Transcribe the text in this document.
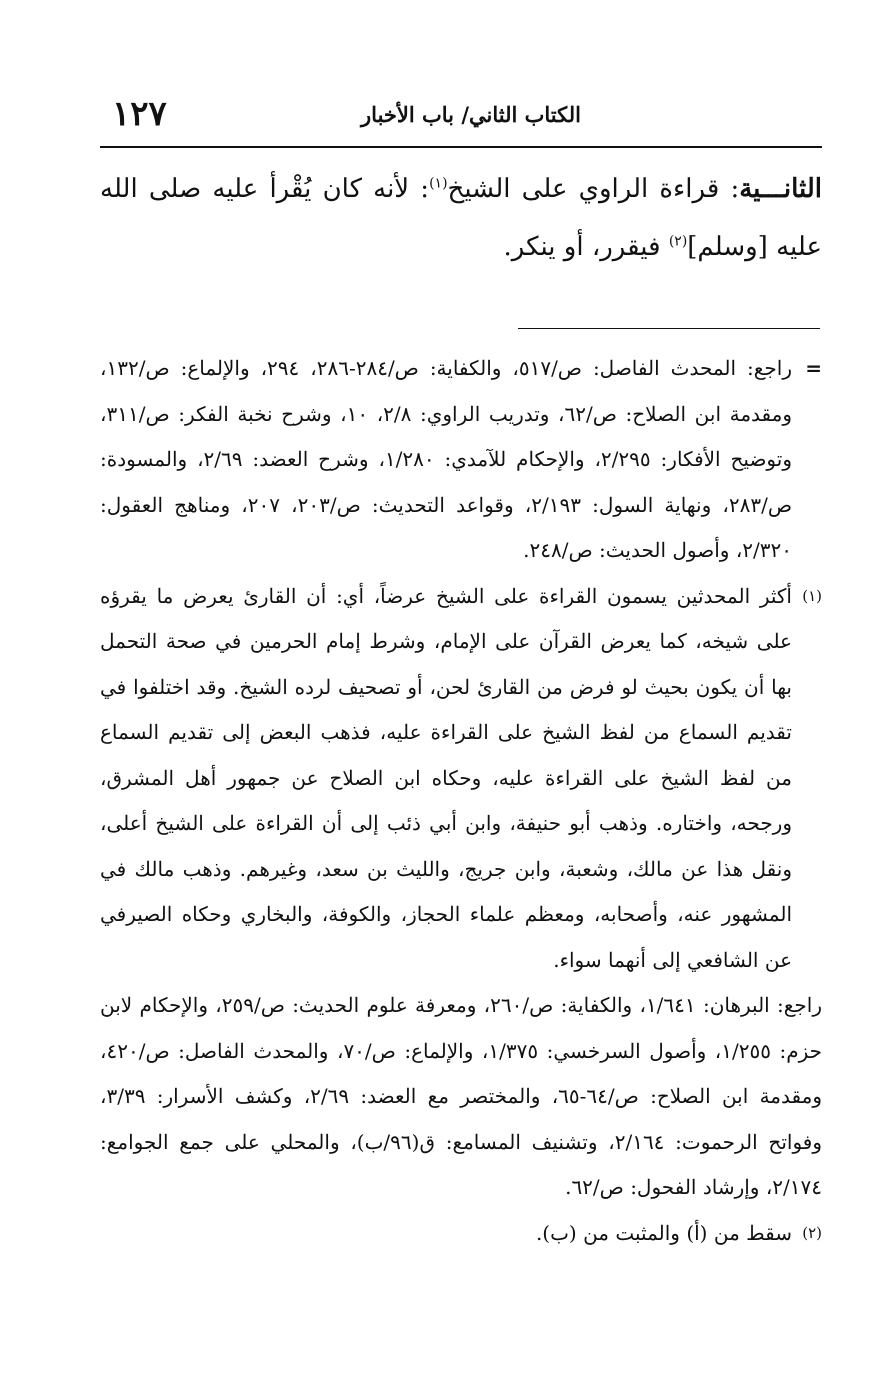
١٢٧	الكتاب الثاني/ باب الأخبار
الثانـــية: قراءة الراوي على الشيخ$^{(١)}$: لأنه كان يُقْرأ عليه صلى الله عليه [وسلم]$^{(٢)}$ فيقرر، أو ينكر.

=
راجع: المحدث الفاصل: ص/٥١٧، والكفاية: ص/٢٨٤-٢٨٦، ٢٩٤، والإلماع: ص/١٣٢، ومقدمة ابن الصلاح: ص/٦٢، وتدريب الراوي: ٢/٨، ١٠، وشرح نخبة الفكر: ص/٣١١، وتوضيح الأفكار: ٢/٢٩٥، والإحكام للآمدي: ١/٢٨٠، وشرح العضد: ٢/٦٩، والمسودة: ص/٢٨٣، ونهاية السول: ٢/١٩٣، وقواعد التحديث: ص/٢٠٣، ٢٠٧، ومناهج العقول: ٢/٣٢٠، وأصول الحديث: ص/٢٤٨.

(١)
أكثر المحدثين يسمون القراءة على الشيخ عرضاً، أي: أن القارئ يعرض ما يقرؤه على شيخه، كما يعرض القرآن على الإمام، وشرط إمام الحرمين في صحة التحمل بها أن يكون بحيث لو فرض من القارئ لحن، أو تصحيف لرده الشيخ. وقد اختلفوا في تقديم السماع من لفظ الشيخ على القراءة عليه، فذهب البعض إلى تقديم السماع من لفظ الشيخ على القراءة عليه، وحكاه ابن الصلاح عن جمهور أهل المشرق، ورجحه، واختاره. وذهب أبو حنيفة، وابن أبي ذئب إلى أن القراءة على الشيخ أعلى، ونقل هذا عن مالك، وشعبة، وابن جريج، والليث بن سعد، وغيرهم. وذهب مالك في المشهور عنه، وأصحابه، ومعظم علماء الحجاز، والكوفة، والبخاري وحكاه الصيرفي عن الشافعي إلى أنهما سواء.

راجع: البرهان: ١/٦٤١، والكفاية: ص/٢٦٠، ومعرفة علوم الحديث: ص/٢٥٩، والإحكام لابن حزم: ١/٢٥٥، وأصول السرخسي: ١/٣٧٥، والإلماع: ص/٧٠، والمحدث الفاصل: ص/٤٢٠، ومقدمة ابن الصلاح: ص/٦٤-٦٥، والمختصر مع العضد: ٢/٦٩، وكشف الأسرار: ٣/٣٩، وفواتح الرحموت: ٢/١٦٤، وتشنيف المسامع: ق(٩٦/ب)، والمحلي على جمع الجوامع: ٢/١٧٤، وإرشاد الفحول: ص/٦٢.

(٢)
سقط من (أ) والمثبت من (ب).
